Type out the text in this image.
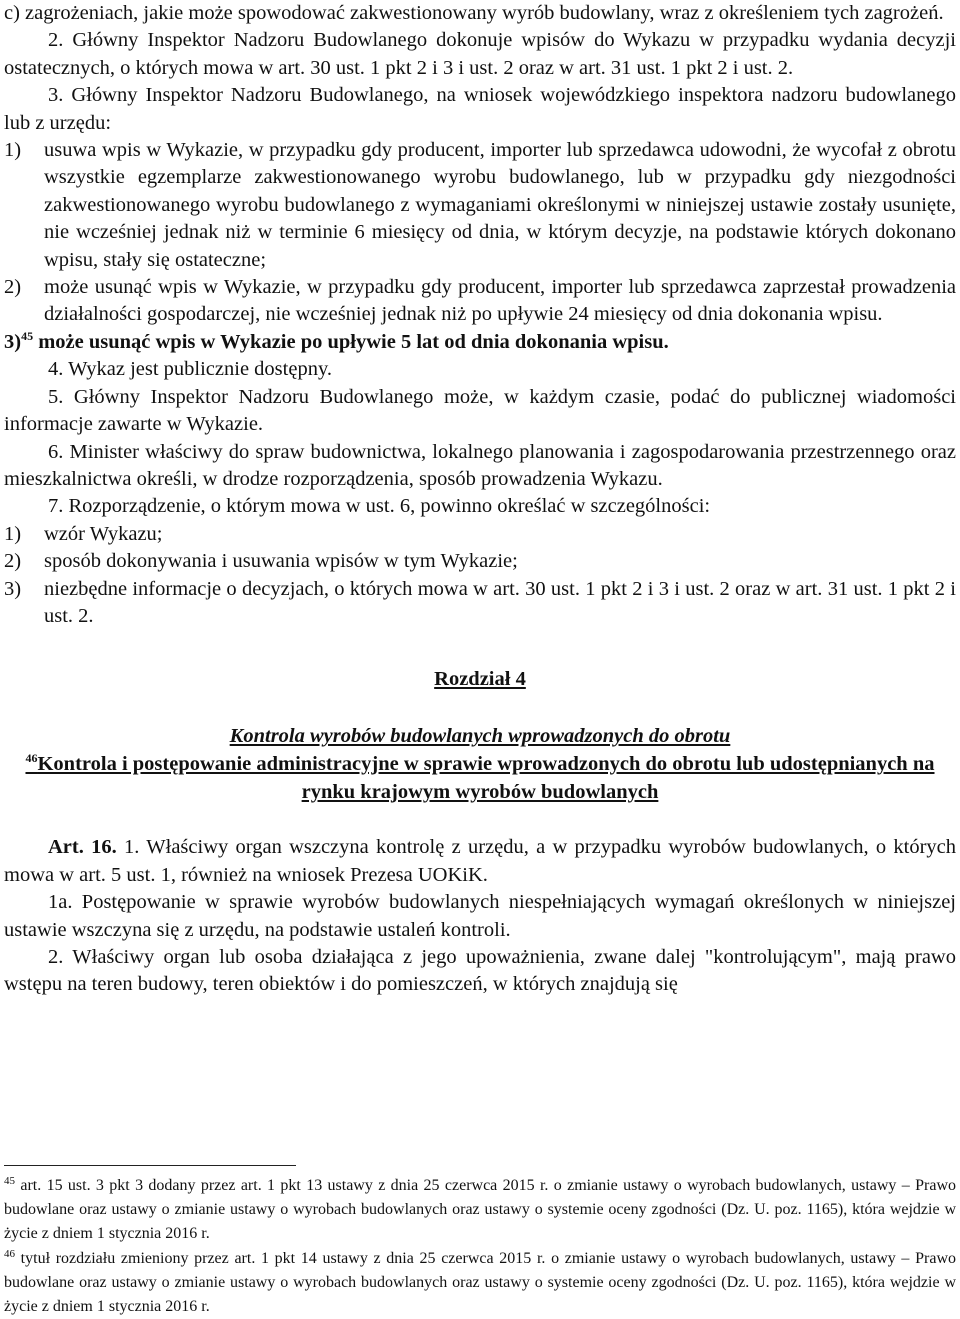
c) zagrożeniach, jakie może spowodować zakwestionowany wyrób budowlany, wraz z określeniem tych zagrożeń.

2. Główny Inspektor Nadzoru Budowlanego dokonuje wpisów do Wykazu w przypadku wydania decyzji ostatecznych, o których mowa w art. 30 ust. 1 pkt 2 i 3 i ust. 2 oraz w art. 31 ust. 1 pkt 2 i ust. 2.

3. Główny Inspektor Nadzoru Budowlanego, na wniosek wojewódzkiego inspektora nadzoru budowlanego lub z urzędu:

1)	usuwa wpis w Wykazie, w przypadku gdy producent, importer lub sprzedawca udowodni, że wycofał z obrotu wszystkie egzemplarze zakwestionowanego wyrobu budowlanego, lub w przypadku gdy niezgodności zakwestionowanego wyrobu budowlanego z wymaganiami określonymi w niniejszej ustawie zostały usunięte, nie wcześniej jednak niż w terminie 6 miesięcy od dnia, w którym decyzje, na podstawie których dokonano wpisu, stały się ostateczne;
2)	może usunąć wpis w Wykazie, w przypadku gdy producent, importer lub sprzedawca zaprzestał prowadzenia działalności gospodarczej, nie wcześniej jednak niż po upływie 24 miesięcy od dnia dokonania wpisu.

3)$^{45}$ może usunąć wpis w Wykazie po upływie 5 lat od dnia dokonania wpisu.

4. Wykaz jest publicznie dostępny.

5. Główny Inspektor Nadzoru Budowlanego może, w każdym czasie, podać do publicznej wiadomości informacje zawarte w Wykazie.

6. Minister właściwy do spraw budownictwa, lokalnego planowania i zagospodarowania przestrzennego oraz mieszkalnictwa określi, w drodze rozporządzenia, sposób prowadzenia Wykazu.

7. Rozporządzenie, o którym mowa w ust. 6, powinno określać w szczególności:

1)	wzór Wykazu;
2)	sposób dokonywania i usuwania wpisów w tym Wykazie;
3)	niezbędne informacje o decyzjach, o których mowa w art. 30 ust. 1 pkt 2 i 3 i ust. 2 oraz w art. 31 ust. 1 pkt 2 i ust. 2.

Rozdział 4

Kontrola wyrobów budowlanych wprowadzonych do obrotu

$^{46}$Kontrola i postępowanie administracyjne w sprawie wprowadzonych do obrotu lub udostępnianych na rynku krajowym wyrobów budowlanych

Art. 16. 1. Właściwy organ wszczyna kontrolę z urzędu, a w przypadku wyrobów budowlanych, o których mowa w art. 5 ust. 1, również na wniosek Prezesa UOKiK.

1a. Postępowanie w sprawie wyrobów budowlanych niespełniających wymagań określonych w niniejszej ustawie wszczyna się z urzędu, na podstawie ustaleń kontroli.

2. Właściwy organ lub osoba działająca z jego upoważnienia, zwane dalej "kontrolującym", mają prawo wstępu na teren budowy, teren obiektów i do pomieszczeń, w których znajdują się

$^{45}$ art. 15 ust. 3 pkt 3 dodany przez art. 1 pkt 13 ustawy z dnia 25 czerwca 2015 r. o zmianie ustawy o wyrobach budowlanych, ustawy – Prawo budowlane oraz ustawy o zmianie ustawy o wyrobach budowlanych oraz ustawy o systemie oceny zgodności (Dz. U. poz. 1165), która wejdzie w życie z dniem 1 stycznia 2016 r.

$^{46}$ tytuł rozdziału zmieniony przez art. 1 pkt 14 ustawy z dnia 25 czerwca 2015 r. o zmianie ustawy o wyrobach budowlanych, ustawy – Prawo budowlane oraz ustawy o zmianie ustawy o wyrobach budowlanych oraz ustawy o systemie oceny zgodności (Dz. U. poz. 1165), która wejdzie w życie z dniem 1 stycznia 2016 r.
